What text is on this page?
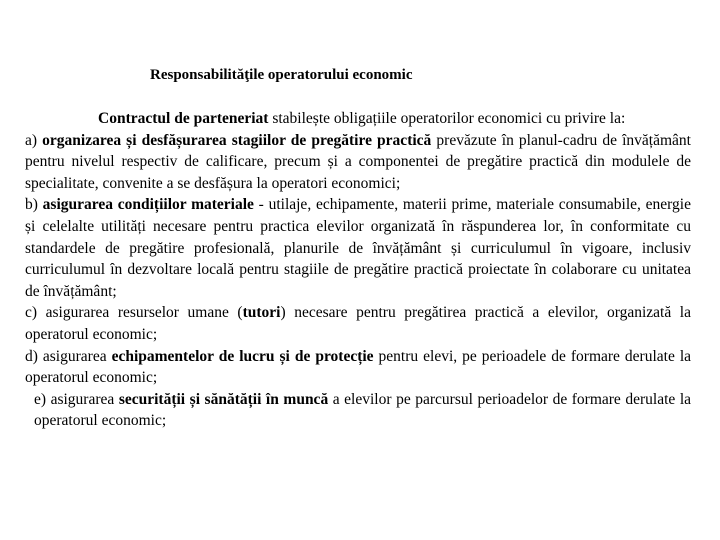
Responsabilităţile operatorului economic

Contractul de parteneriat stabilește obligațiile operatorilor economici cu privire la:

a) organizarea și desfășurarea stagiilor de pregătire practică prevăzute în planul-cadru de învățământ pentru nivelul respectiv de calificare, precum și a componentei de pregătire practică din modulele de specialitate, convenite a se desfășura la operatori economici;

b) asigurarea condițiilor materiale - utilaje, echipamente, materii prime, materiale consumabile, energie și celelalte utilități necesare pentru practica elevilor organizată în răspunderea lor, în conformitate cu standardele de pregătire profesională, planurile de învățământ și curriculumul în vigoare, inclusiv curriculumul în dezvoltare locală pentru stagiile de pregătire practică proiectate în colaborare cu unitatea de învățământ;

c) asigurarea resurselor umane (tutori) necesare pentru pregătirea practică a elevilor, organizată la operatorul economic;

d) asigurarea echipamentelor de lucru și de protecție pentru elevi, pe perioadele de formare derulate la operatorul economic;

e) asigurarea securității și sănătății în muncă a elevilor pe parcursul perioadelor de formare derulate la operatorul economic;
